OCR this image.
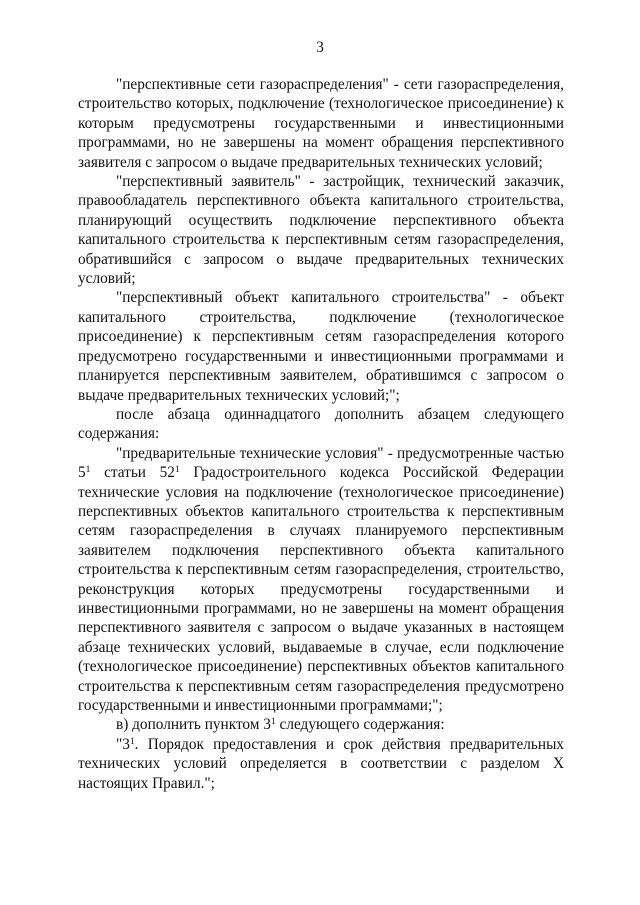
3

"перспективные сети газораспределения" - сети газораспределения, строительство которых, подключение (технологическое присоединение) к которым предусмотрены государственными и инвестиционными программами, но не завершены на момент обращения перспективного заявителя с запросом о выдаче предварительных технических условий;

"перспективный заявитель" - застройщик, технический заказчик, правообладатель перспективного объекта капитального строительства, планирующий осуществить подключение перспективного объекта капитального строительства к перспективным сетям газораспределения, обратившийся с запросом о выдаче предварительных технических условий;

"перспективный объект капитального строительства" - объект капитального строительства, подключение (технологическое присоединение) к перспективным сетям газораспределения которого предусмотрено государственными и инвестиционными программами и планируется перспективным заявителем, обратившимся с запросом о выдаче предварительных технических условий;";

после абзаца одиннадцатого дополнить абзацем следующего содержания:

"предварительные технические условия" - предусмотренные частью $5^1$ статьи $52^1$ Градостроительного кодекса Российской Федерации технические условия на подключение (технологическое присоединение) перспективных объектов капитального строительства к перспективным сетям газораспределения в случаях планируемого перспективным заявителем подключения перспективного объекта капитального строительства к перспективным сетям газораспределения, строительство, реконструкция которых предусмотрены государственными и инвестиционными программами, но не завершены на момент обращения перспективного заявителя с запросом о выдаче указанных в настоящем абзаце технических условий, выдаваемые в случае, если подключение (технологическое присоединение) перспективных объектов капитального строительства к перспективным сетям газораспределения предусмотрено государственными и инвестиционными программами;";

в) дополнить пунктом $3^1$ следующего содержания:

"$3^1$. Порядок предоставления и срок действия предварительных технических условий определяется в соответствии с разделом X настоящих Правил.";
